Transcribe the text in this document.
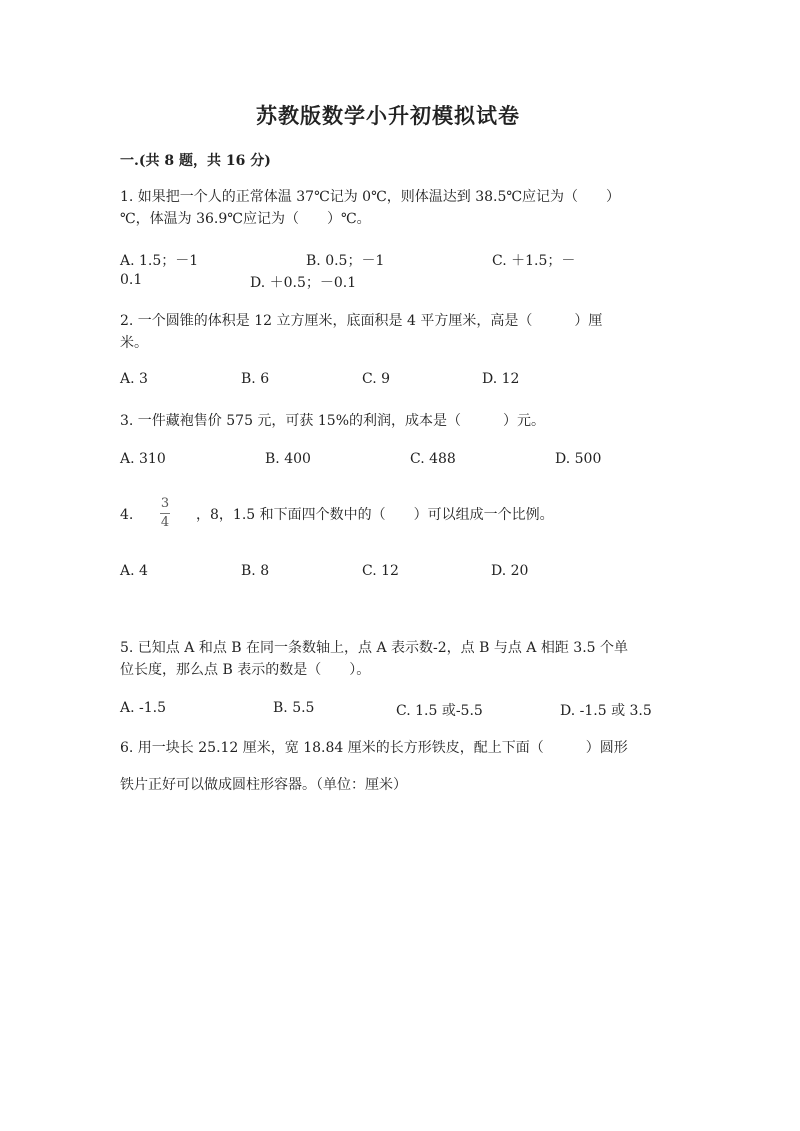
苏教版数学小升初模拟试卷
一.(共 8 题，共 16 分)
1. 如果把一个人的正常体温 37℃记为 0℃，则体温达到 38.5℃应记为（　　）
℃，体温为 36.9℃应记为（　　）℃。
A. 1.5；－1	B. 0.5；－1	C. ＋1.5；－
0.1	D. ＋0.5；－0.1
2. 一个圆锥的体积是 12 立方厘米，底面积是 4 平方厘米，高是（　　　）厘
米。
A. 3	B. 6	C. 9	D. 12
3. 一件藏袍售价 575 元，可获 15%的利润，成本是（　　　）元。
A. 310	B. 400	C. 488	D. 500
4.
3
4 ，8，1.5 和下面四个数中的（　　）可以组成一个比例。
A. 4	B. 8	C. 12	D. 20
5. 已知点 A 和点 B 在同一条数轴上，点 A 表示数-2，点 B 与点 A 相距 3.5 个单
位长度，那么点 B 表示的数是（　　）。
A. -1.5	B. 5.5	C. 1.5 或-5.5	D. -1.5 或 3.5
6. 用一块长 25.12 厘米，宽 18.84 厘米的长方形铁皮，配上下面（　　　）圆形
铁片正好可以做成圆柱形容器。（单位：厘米）
